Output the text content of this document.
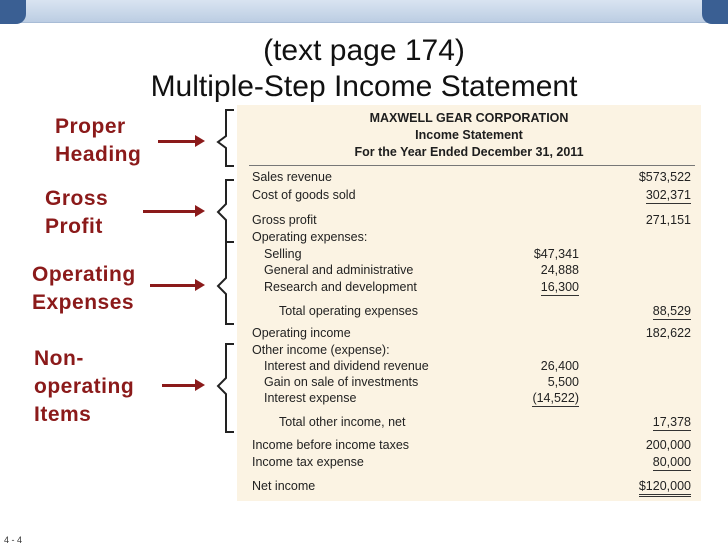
(text page 174)
Multiple-Step Income Statement
Proper
Heading
Gross
Profit
Operating
Expenses
Non-
operating
Items
MAXWELL GEAR CORPORATION
Income Statement
For the Year Ended December 31, 2011
Sales revenue	$573,522
Cost of goods sold	302,371
Gross profit	271,151
Operating expenses:
Selling	$47,341
General and administrative	24,888
Research and development	16,300
Total operating expenses	88,529
Operating income	182,622
Other income (expense):
Interest and dividend revenue	26,400
Gain on sale of investments	5,500
Interest expense	(14,522)
Total other income, net	17,378
Income before income taxes	200,000
Income tax expense	80,000
Net income	$120,000
4 - 4
